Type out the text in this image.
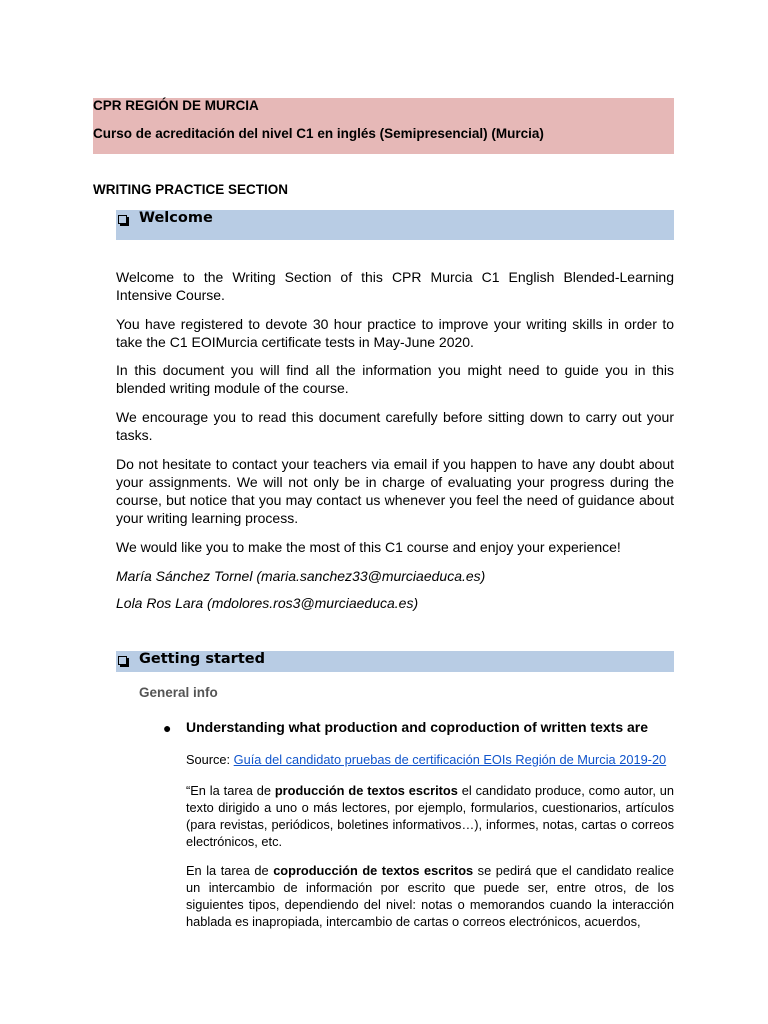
CPR REGIÓN DE MURCIA
Curso de acreditación del nivel C1 en inglés (Semipresencial) (Murcia)
WRITING PRACTICE SECTION
Welcome

Welcome to the Writing Section of this CPR Murcia C1 English Blended-Learning Intensive Course.

You have registered to devote 30 hour practice to improve your writing skills in order to take the C1 EOIMurcia certificate tests in May-June 2020.

In this document you will find all the information you might need to guide you in this blended writing module of the course.

We encourage you to read this document carefully before sitting down to carry out your tasks.

Do not hesitate to contact your teachers via email if you happen to have any doubt about your assignments. We will not only be in charge of evaluating your progress during the course, but notice that you may contact us whenever you feel the need of guidance about your writing learning process.

We would like you to make the most of this C1 course and enjoy your experience!

María Sánchez Tornel (maria.sanchez33@murciaeduca.es)

Lola Ros Lara (mdolores.ros3@murciaeduca.es)

Getting started
General info
● Understanding what production and coproduction of written texts are

Source: Guía del candidato pruebas de certificación EOIs Región de Murcia 2019-20

“En la tarea de producción de textos escritos el candidato produce, como autor, un texto dirigido a uno o más lectores, por ejemplo, formularios, cuestionarios, artículos (para revistas, periódicos, boletines informativos…), informes, notas, cartas o correos electrónicos, etc.

En la tarea de coproducción de textos escritos se pedirá que el candidato realice un intercambio de información por escrito que puede ser, entre otros, de los siguientes tipos, dependiendo del nivel: notas o memorandos cuando la interacción hablada es inapropiada, intercambio de cartas o correos electrónicos, acuerdos,
